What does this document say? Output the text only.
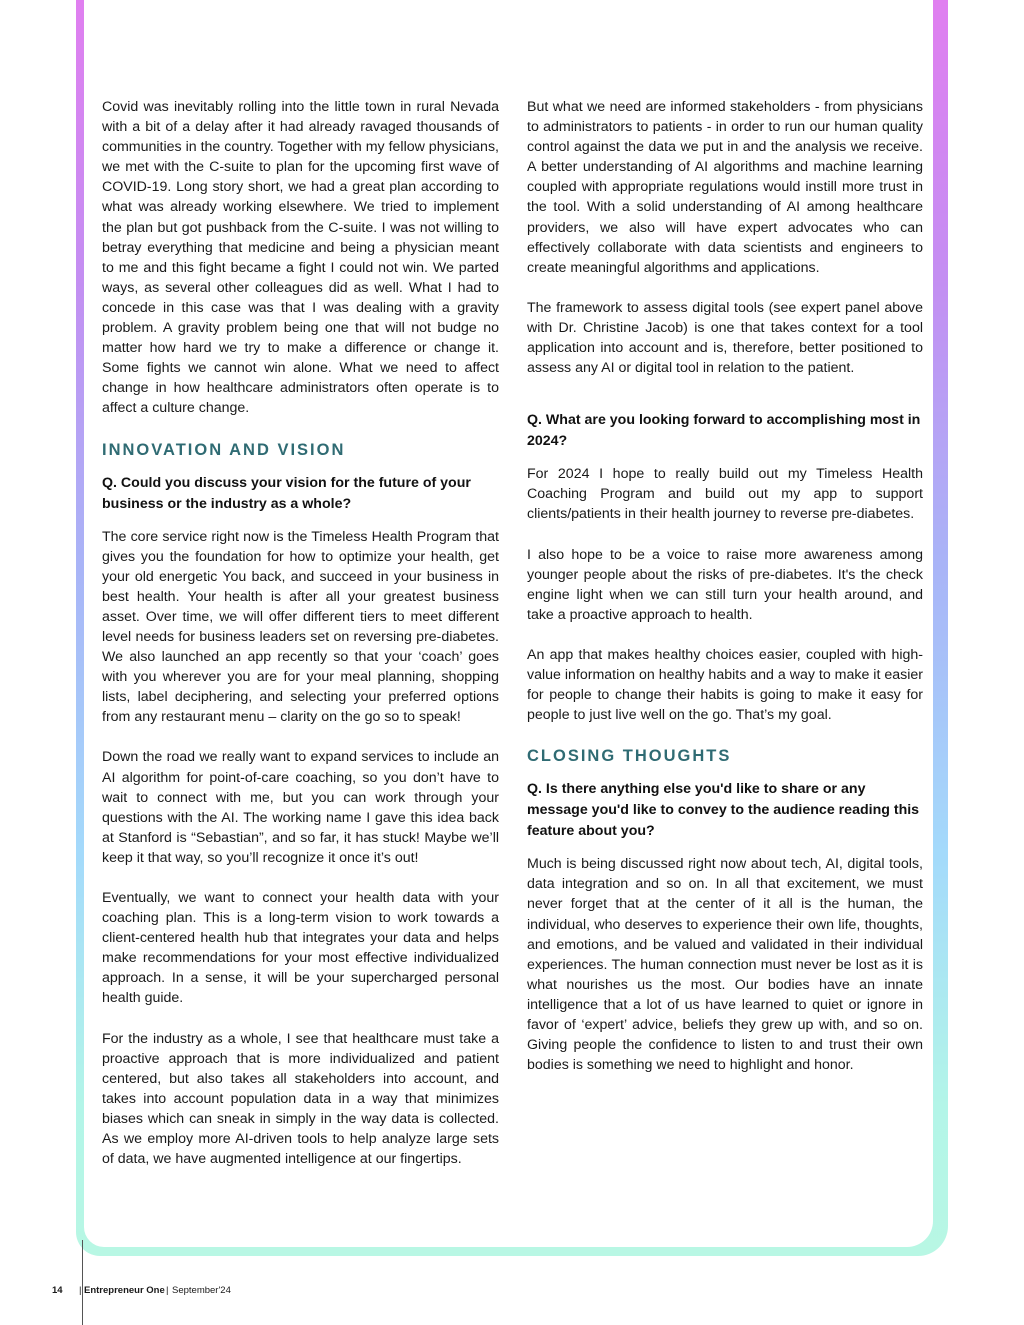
Covid was inevitably rolling into the little town in rural Nevada with a bit of a delay after it had already ravaged thousands of communities in the country. Together with my fellow physicians, we met with the C-suite to plan for the upcoming first wave of COVID-19. Long story short, we had a great plan according to what was already working elsewhere. We tried to implement the plan but got pushback from the C-suite. I was not willing to betray everything that medicine and being a physician meant to me and this fight became a fight I could not win. We parted ways, as several other colleagues did as well. What I had to concede in this case was that I was dealing with a gravity problem. A gravity problem being one that will not budge no matter how hard we try to make a difference or change it. Some fights we cannot win alone. What we need to affect change in how healthcare administrators often operate is to affect a culture change.

INNOVATION AND VISION

Q. Could you discuss your vision for the future of your business or the industry as a whole?

The core service right now is the Timeless Health Program that gives you the foundation for how to optimize your health, get your old energetic You back, and succeed in your business in best health. Your health is after all your greatest business asset. Over time, we will offer different tiers to meet different level needs for business leaders set on reversing pre-diabetes. We also launched an app recently so that your ‘coach’ goes with you wherever you are for your meal planning, shopping lists, label deciphering, and selecting your preferred options from any restaurant menu – clarity on the go so to speak!

Down the road we really want to expand services to include an AI algorithm for point-of-care coaching, so you don’t have to wait to connect with me, but you can work through your questions with the AI. The working name I gave this idea back at Stanford is “Sebastian”, and so far, it has stuck! Maybe we’ll keep it that way, so you’ll recognize it once it’s out!

Eventually, we want to connect your health data with your coaching plan. This is a long-term vision to work towards a client-centered health hub that integrates your data and helps make recommendations for your most effective individualized approach. In a sense, it will be your supercharged personal health guide.

For the industry as a whole, I see that healthcare must take a proactive approach that is more individualized and patient centered, but also takes all stakeholders into account, and takes into account population data in a way that minimizes biases which can sneak in simply in the way data is collected. As we employ more AI-driven tools to help analyze large sets of data, we have augmented intelligence at our fingertips.

But what we need are informed stakeholders - from physicians to administrators to patients - in order to run our human quality control against the data we put in and the analysis we receive. A better understanding of AI algorithms and machine learning coupled with appropriate regulations would instill more trust in the tool. With a solid understanding of AI among healthcare providers, we also will have expert advocates who can effectively collaborate with data scientists and engineers to create meaningful algorithms and applications.

The framework to assess digital tools (see expert panel above with Dr. Christine Jacob) is one that takes context for a tool application into account and is, therefore, better positioned to assess any AI or digital tool in relation to the patient.

Q. What are you looking forward to accomplishing most in 2024?

For 2024 I hope to really build out my Timeless Health Coaching Program and build out my app to support clients/patients in their health journey to reverse pre-diabetes.

I also hope to be a voice to raise more awareness among younger people about the risks of pre-diabetes. It's the check engine light when we can still turn your health around, and take a proactive approach to health.

An app that makes healthy choices easier, coupled with high-value information on healthy habits and a way to make it easier for people to change their habits is going to make it easy for people to just live well on the go. That’s my goal.

CLOSING THOUGHTS

Q. Is there anything else you'd like to share or any message you'd like to convey to the audience reading this feature about you?

Much is being discussed right now about tech, AI, digital tools, data integration and so on. In all that excitement, we must never forget that at the center of it all is the human, the individual, who deserves to experience their own life, thoughts, and emotions, and be valued and validated in their individual experiences. The human connection must never be lost as it is what nourishes us the most. Our bodies have an innate intelligence that a lot of us have learned to quiet or ignore in favor of ‘expert’ advice, beliefs they grew up with, and so on. Giving people the confidence to listen to and trust their own bodies is something we need to highlight and honor.

14 | Entrepreneur One | September'24
